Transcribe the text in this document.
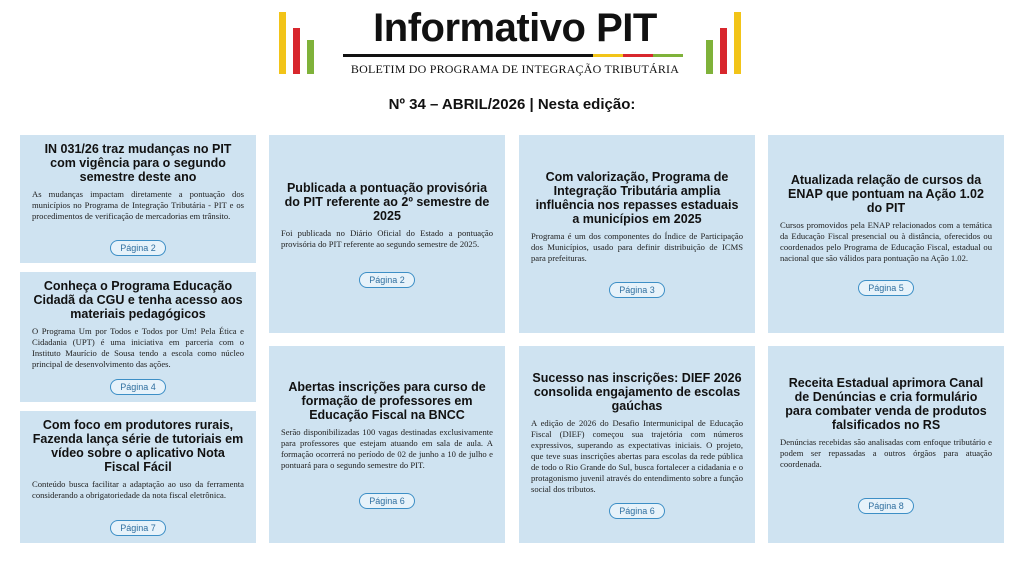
Informativo PIT
BOLETIM DO PROGRAMA DE INTEGRAÇÃO TRIBUTÁRIA
Nº 34 – ABRIL/2026 | Nesta edição:
IN 031/26 traz mudanças no PIT com vigência para o segundo semestre deste ano

As mudanças impactam diretamente a pontuação dos municípios no Programa de Integração Tributária - PIT e os procedimentos de verificação de mercadorias em trânsito.

Página 2
Conheça o Programa Educação Cidadã da CGU e tenha acesso aos materiais pedagógicos

O Programa Um por Todos e Todos por Um! Pela Ética e Cidadania (UPT) é uma iniciativa em parceria com o Instituto Maurício de Sousa tendo a escola como núcleo principal de desenvolvimento das ações.

Página 4
Com foco em produtores rurais, Fazenda lança série de tutoriais em vídeo sobre o aplicativo Nota Fiscal Fácil

Conteúdo busca facilitar a adaptação ao uso da ferramenta considerando a obrigatoriedade da nota fiscal eletrônica.

Página 7
Publicada a pontuação provisória do PIT referente ao 2º semestre de 2025

Foi publicada no Diário Oficial do Estado a pontuação provisória do PIT referente ao segundo semestre de 2025.

Página 2
Abertas inscrições para curso de formação de professores em Educação Fiscal na BNCC

Serão disponibilizadas 100 vagas destinadas exclusivamente para professores que estejam atuando em sala de aula. A formação ocorrerá no período de 02 de junho a 10 de julho e pontuará para o segundo semestre do PIT.

Página 6
Com valorização, Programa de Integração Tributária amplia influência nos repasses estaduais a municípios em 2025

Programa é um dos componentes do Índice de Participação dos Municípios, usado para definir distribuição de ICMS para prefeituras.

Página 3
Sucesso nas inscrições: DIEF 2026 consolida engajamento de escolas gaúchas

A edição de 2026 do Desafio Intermunicipal de Educação Fiscal (DIEF) começou sua trajetória com números expressivos, superando as expectativas iniciais. O projeto, que teve suas inscrições abertas para escolas da rede pública de todo o Rio Grande do Sul, busca fortalecer a cidadania e o protagonismo juvenil através do entendimento sobre a função social dos tributos.

Página 6
Atualizada relação de cursos da ENAP que pontuam na Ação 1.02 do PIT

Cursos promovidos pela ENAP relacionados com a temática da Educação Fiscal presencial ou à distância, oferecidos ou coordenados pelo Programa de Educação Fiscal, estadual ou nacional que são válidos para pontuação na Ação 1.02.

Página 5
Receita Estadual aprimora Canal de Denúncias e cria formulário para combater venda de produtos falsificados no RS

Denúncias recebidas são analisadas com enfoque tributário e podem ser repassadas a outros órgãos para atuação coordenada.

Página 8
